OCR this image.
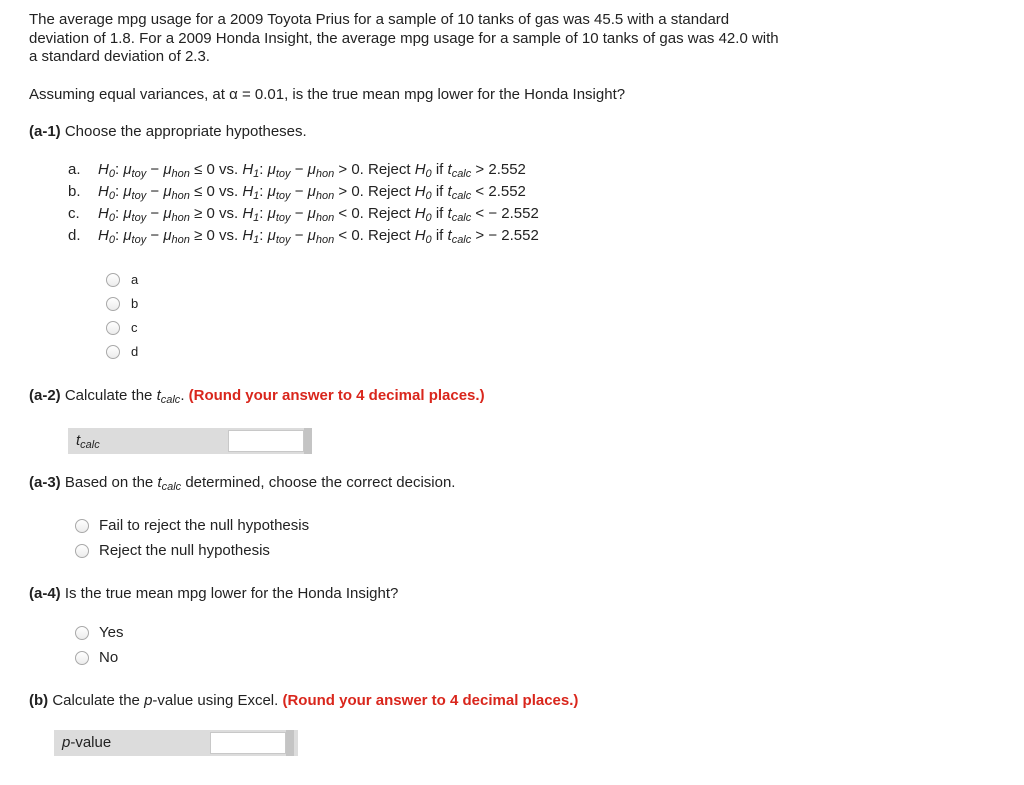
The average mpg usage for a 2009 Toyota Prius for a sample of 10 tanks of gas was 45.5 with a standard deviation of 1.8. For a 2009 Honda Insight, the average mpg usage for a sample of 10 tanks of gas was 42.0 with a standard deviation of 2.3.
Assuming equal variances, at α = 0.01, is the true mean mpg lower for the Honda Insight?
(a-1) Choose the appropriate hypotheses.
a. $H_0$: $\mu_{toy} - \mu_{hon} \le 0$ vs. $H_1$: $\mu_{toy} - \mu_{hon} > 0$. Reject $H_0$ if $t_{calc} > 2.552$
b. $H_0$: $\mu_{toy} - \mu_{hon} \le 0$ vs. $H_1$: $\mu_{toy} - \mu_{hon} > 0$. Reject $H_0$ if $t_{calc} < 2.552$
c. $H_0$: $\mu_{toy} - \mu_{hon} \ge 0$ vs. $H_1$: $\mu_{toy} - \mu_{hon} < 0$. Reject $H_0$ if $t_{calc}$ < − 2.552
d. $H_0$: $\mu_{toy} - \mu_{hon} \ge 0$ vs. $H_1$: $\mu_{toy} - \mu_{hon} < 0$. Reject $H_0$ if $t_{calc}$ > − 2.552
a
b
c
d
(a-2) Calculate the $t_{calc}$. (Round your answer to 4 decimal places.)
$t_{calc}$
(a-3) Based on the $t_{calc}$ determined, choose the correct decision.
Fail to reject the null hypothesis
Reject the null hypothesis
(a-4) Is the true mean mpg lower for the Honda Insight?
Yes
No
(b) Calculate the p-value using Excel. (Round your answer to 4 decimal places.)
p-value
